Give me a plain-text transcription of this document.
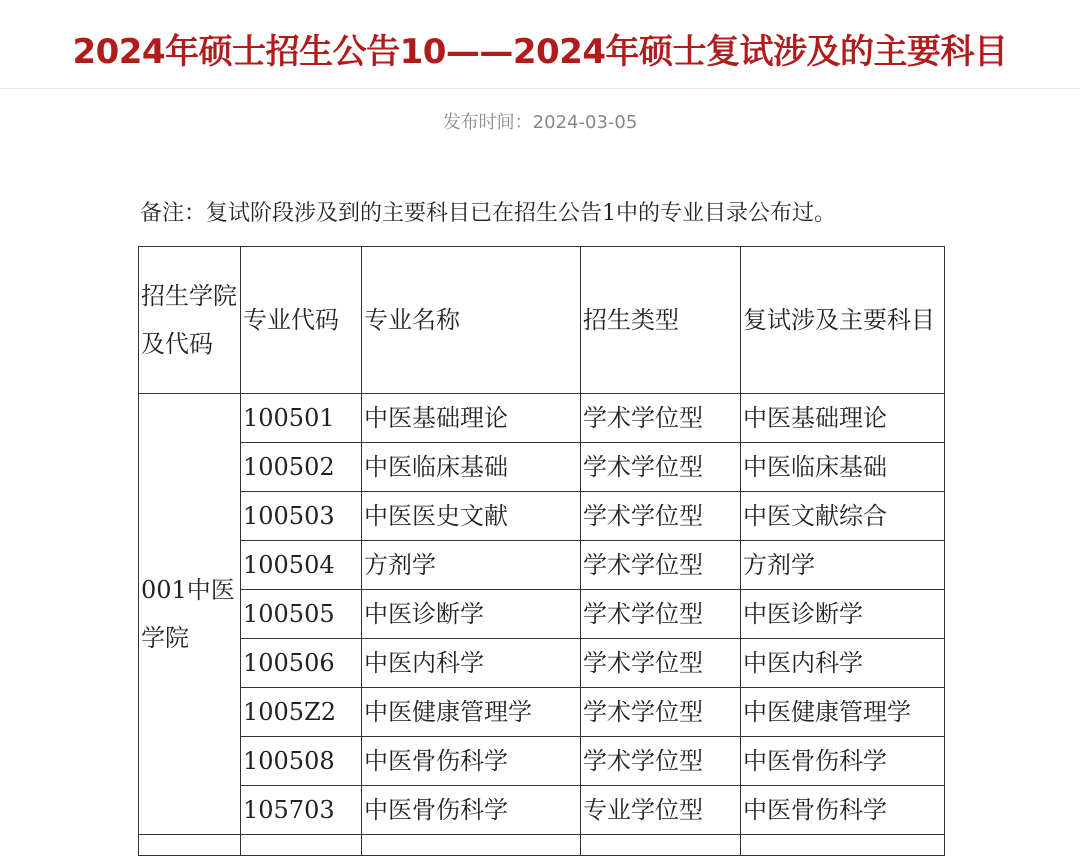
2024年硕士招生公告10——2024年硕士复试涉及的主要科目
发布时间：2024-03-05
备注：复试阶段涉及到的主要科目已在招生公告1中的专业目录公布过。
招生学院及代码	专业代码	专业名称	招生类型	复试涉及主要科目
001中医学院	100501	中医基础理论	学术学位型	中医基础理论
	100502	中医临床基础	学术学位型	中医临床基础
	100503	中医医史文献	学术学位型	中医文献综合
	100504	方剂学	学术学位型	方剂学
	100505	中医诊断学	学术学位型	中医诊断学
	100506	中医内科学	学术学位型	中医内科学
	1005Z2	中医健康管理学	学术学位型	中医健康管理学
	100508	中医骨伤科学	学术学位型	中医骨伤科学
	105703	中医骨伤科学	专业学位型	中医骨伤科学
